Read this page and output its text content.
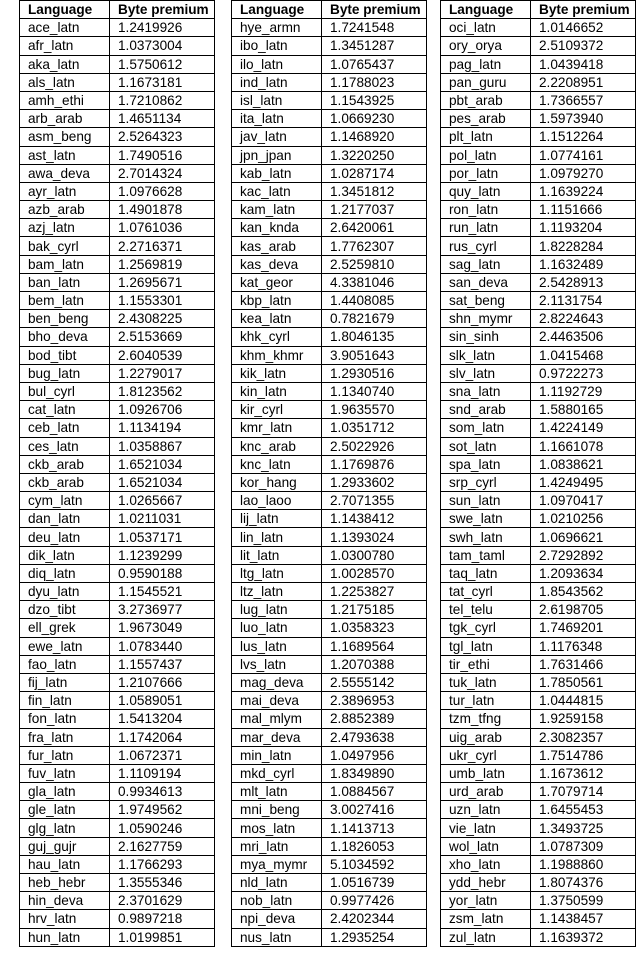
Language	Byte premium
ace_latn	1.2419926
afr_latn	1.0373004
aka_latn	1.5750612
als_latn	1.1673181
amh_ethi	1.7210862
arb_arab	1.4651134
asm_beng	2.5264323
ast_latn	1.7490516
awa_deva	2.7014324
ayr_latn	1.0976628
azb_arab	1.4901878
azj_latn	1.0761036
bak_cyrl	2.2716371
bam_latn	1.2569819
ban_latn	1.2695671
bem_latn	1.1553301
ben_beng	2.4308225
bho_deva	2.5153669
bod_tibt	2.6040539
bug_latn	1.2279017
bul_cyrl	1.8123562
cat_latn	1.0926706
ceb_latn	1.1134194
ces_latn	1.0358867
ckb_arab	1.6521034
ckb_arab	1.6521034
cym_latn	1.0265667
dan_latn	1.0211031
deu_latn	1.0537171
dik_latn	1.1239299
diq_latn	0.9590188
dyu_latn	1.1545521
dzo_tibt	3.2736977
ell_grek	1.9673049
ewe_latn	1.0783440
fao_latn	1.1557437
fij_latn	1.2107666
fin_latn	1.0589051
fon_latn	1.5413204
fra_latn	1.1742064
fur_latn	1.0672371
fuv_latn	1.1109194
gla_latn	0.9934613
gle_latn	1.9749562
glg_latn	1.0590246
guj_gujr	2.1627759
hau_latn	1.1766293
heb_hebr	1.3555346
hin_deva	2.3701629
hrv_latn	0.9897218
hun_latn	1.0199851
Language	Byte premium
hye_armn	1.7241548
ibo_latn	1.3451287
ilo_latn	1.0765437
ind_latn	1.1788023
isl_latn	1.1543925
ita_latn	1.0669230
jav_latn	1.1468920
jpn_jpan	1.3220250
kab_latn	1.0287174
kac_latn	1.3451812
kam_latn	1.2177037
kan_knda	2.6420061
kas_arab	1.7762307
kas_deva	2.5259810
kat_geor	4.3381046
kbp_latn	1.4408085
kea_latn	0.7821679
khk_cyrl	1.8046135
khm_khmr	3.9051643
kik_latn	1.2930516
kin_latn	1.1340740
kir_cyrl	1.9635570
kmr_latn	1.0351712
knc_arab	2.5022926
knc_latn	1.1769876
kor_hang	1.2933602
lao_laoo	2.7071355
lij_latn	1.1438412
lin_latn	1.1393024
lit_latn	1.0300780
ltg_latn	1.0028570
ltz_latn	1.2253827
lug_latn	1.2175185
luo_latn	1.0358323
lus_latn	1.1689564
lvs_latn	1.2070388
mag_deva	2.5555142
mai_deva	2.3896953
mal_mlym	2.8852389
mar_deva	2.4793638
min_latn	1.0497956
mkd_cyrl	1.8349890
mlt_latn	1.0884567
mni_beng	3.0027416
mos_latn	1.1413713
mri_latn	1.1826053
mya_mymr	5.1034592
nld_latn	1.0516739
nob_latn	0.9977426
npi_deva	2.4202344
nus_latn	1.2935254
Language	Byte premium
oci_latn	1.0146652
ory_orya	2.5109372
pag_latn	1.0439418
pan_guru	2.2208951
pbt_arab	1.7366557
pes_arab	1.5973940
plt_latn	1.1512264
pol_latn	1.0774161
por_latn	1.0979270
quy_latn	1.1639224
ron_latn	1.1151666
run_latn	1.1193204
rus_cyrl	1.8228284
sag_latn	1.1632489
san_deva	2.5428913
sat_beng	2.1131754
shn_mymr	2.8224643
sin_sinh	2.4463506
slk_latn	1.0415468
slv_latn	0.9722273
sna_latn	1.1192729
snd_arab	1.5880165
som_latn	1.4224149
sot_latn	1.1661078
spa_latn	1.0838621
srp_cyrl	1.4249495
sun_latn	1.0970417
swe_latn	1.0210256
swh_latn	1.0696621
tam_taml	2.7292892
taq_latn	1.2093634
tat_cyrl	1.8543562
tel_telu	2.6198705
tgk_cyrl	1.7469201
tgl_latn	1.1176348
tir_ethi	1.7631466
tuk_latn	1.7850561
tur_latn	1.0444815
tzm_tfng	1.9259158
uig_arab	2.3082357
ukr_cyrl	1.7514786
umb_latn	1.1673612
urd_arab	1.7079714
uzn_latn	1.6455453
vie_latn	1.3493725
wol_latn	1.0787309
xho_latn	1.1988860
ydd_hebr	1.8074376
yor_latn	1.3750599
zsm_latn	1.1438457
zul_latn	1.1639372
